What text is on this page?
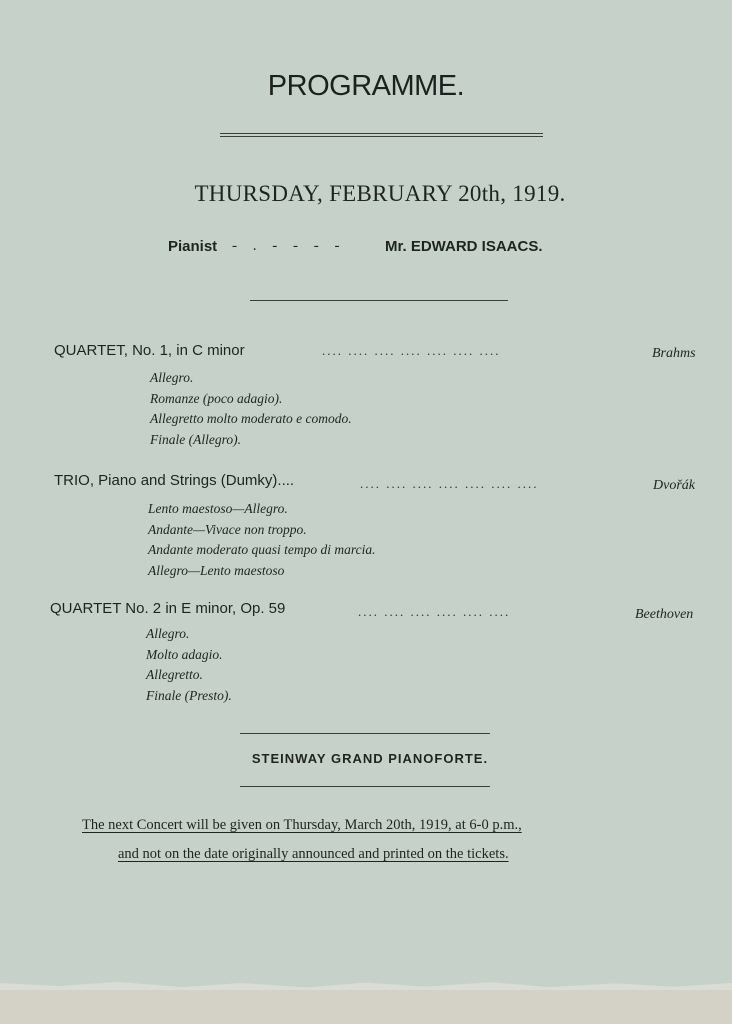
PROGRAMME.
THURSDAY, FEBRUARY 20th, 1919.
Pianist - . - - - -	Mr. EDWARD ISAACS.
QUARTET, No. 1, in C minor	.... .... .... .... .... .... ....	Brahms
Allegro.
Romanze (poco adagio).
Allegretto molto moderato e comodo.
Finale (Allegro).
TRIO, Piano and Strings (Dumky)....	.... .... .... .... .... .... ....	Dvořák
Lento maestoso—Allegro.
Andante—Vivace non troppo.
Andante moderato quasi tempo di marcia.
Allegro—Lento maestoso
QUARTET No. 2 in E minor, Op. 59	.... .... .... .... .... ....	Beethoven
Allegro.
Molto adagio.
Allegretto.
Finale (Presto).
STEINWAY GRAND PIANOFORTE.
The next Concert will be given on Thursday, March 20th, 1919, at 6-0 p.m.,
and not on the date originally announced and printed on the tickets.
